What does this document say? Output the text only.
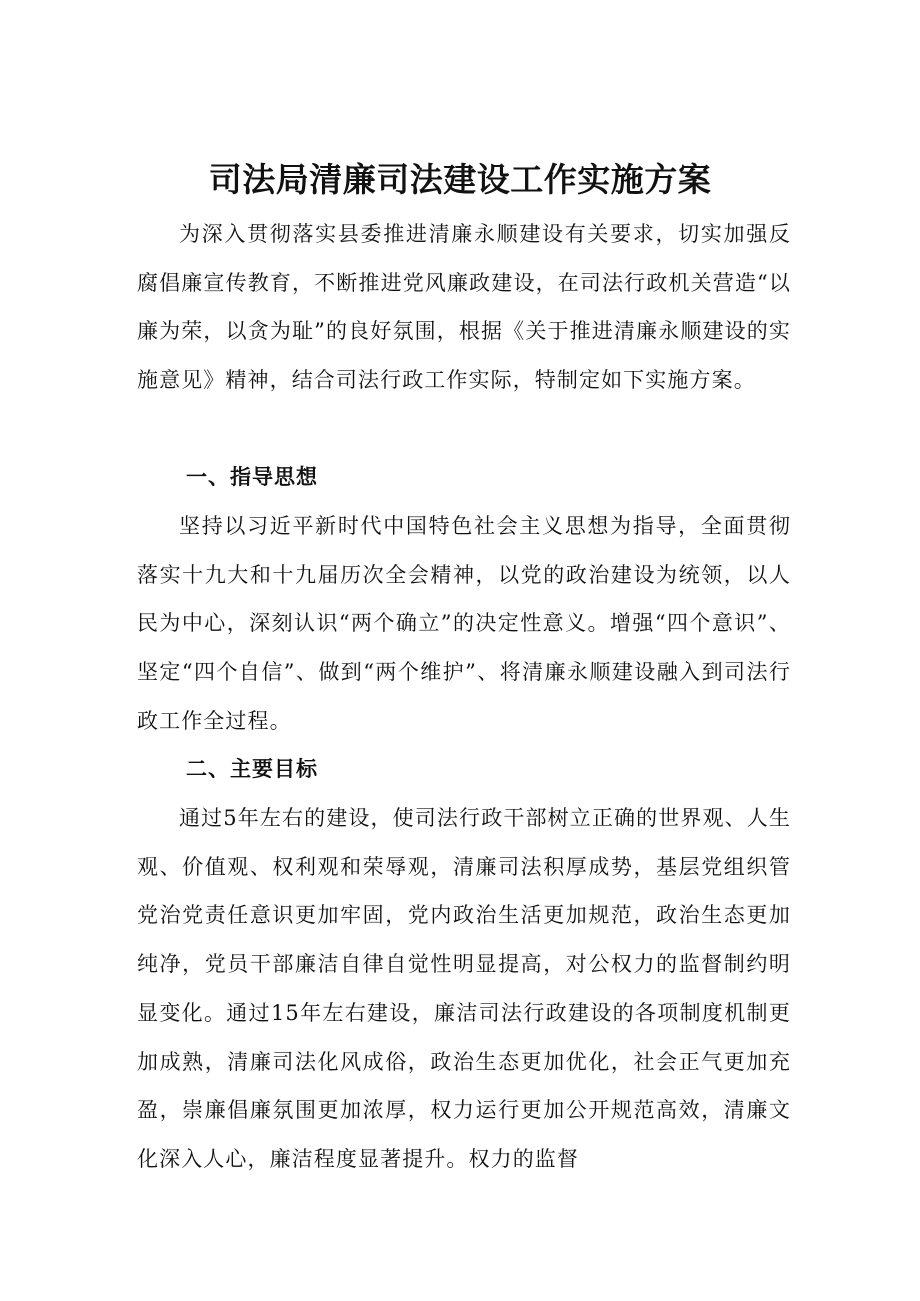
司法局清廉司法建设工作实施方案

为深入贯彻落实县委推进清廉永顺建设有关要求，切实加强反腐倡廉宣传教育，不断推进党风廉政建设，在司法行政机关营造“以廉为荣，以贪为耻”的良好氛围，根据《关于推进清廉永顺建设的实施意见》精神，结合司法行政工作实际，特制定如下实施方案。

一、指导思想

坚持以习近平新时代中国特色社会主义思想为指导，全面贯彻落实十九大和十九届历次全会精神，以党的政治建设为统领，以人民为中心，深刻认识“两个确立”的决定性意义。增强“四个意识”、坚定“四个自信”、做到“两个维护”、将清廉永顺建设融入到司法行政工作全过程。

二、主要目标

通过5年左右的建设，使司法行政干部树立正确的世界观、人生观、价值观、权利观和荣辱观，清廉司法积厚成势，基层党组织管党治党责任意识更加牢固，党内政治生活更加规范，政治生态更加纯净，党员干部廉洁自律自觉性明显提高，对公权力的监督制约明显变化。通过15年左右建设，廉洁司法行政建设的各项制度机制更加成熟，清廉司法化风成俗，政治生态更加优化，社会正气更加充盈，崇廉倡廉氛围更加浓厚，权力运行更加公开规范高效，清廉文化深入人心，廉洁程度显著提升。权力的监督
